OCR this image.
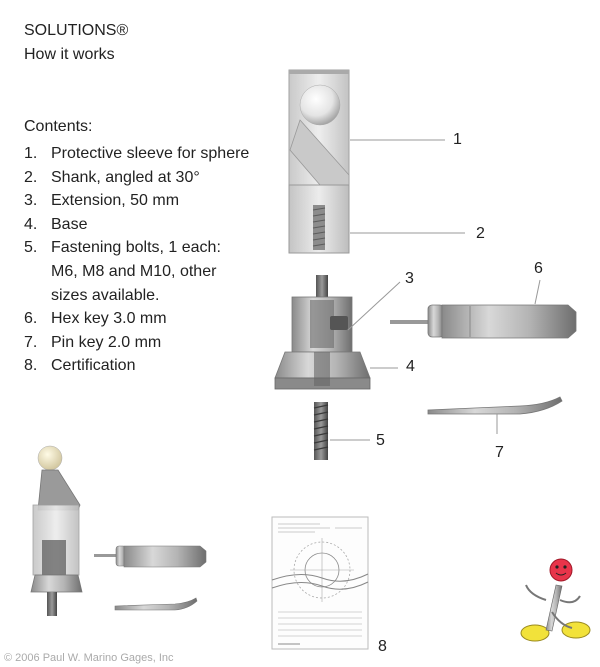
SOLUTIONS®
How it works
Contents:
1. Protective sleeve for sphere
2. Shank, angled at 30°
3. Extension, 50 mm
4. Base
5. Fastening bolts, 1 each: M6, M8 and M10, other sizes available.
6. Hex key 3.0 mm
7. Pin key 2.0 mm
8. Certification
1
2
3
4
5
6
7
8
© 2006 Paul W. Marino Gages, Inc
